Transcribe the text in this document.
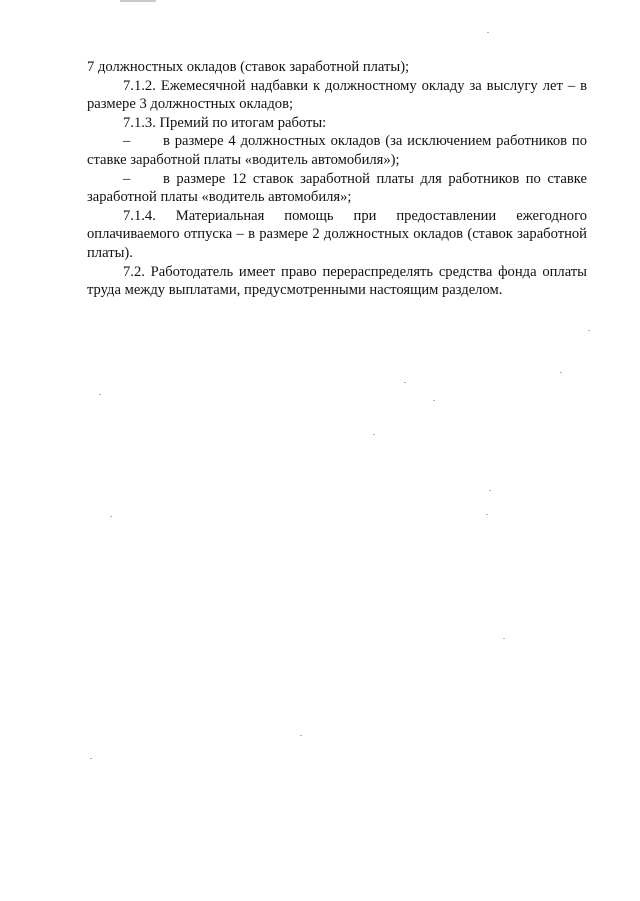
7 должностных окладов (ставок заработной платы);

7.1.2. Ежемесячной надбавки к должностному окладу за выслугу лет – в размере 3 должностных окладов;

7.1.3. Премий по итогам работы:

– в размере 4 должностных окладов (за исключением работников по ставке заработной платы «водитель автомобиля»);

– в размере 12 ставок заработной платы для работников по ставке заработной платы «водитель автомобиля»;

7.1.4. Материальная помощь при предоставлении ежегодного оплачиваемого отпуска – в размере 2 должностных окладов (ставок заработной платы).

7.2. Работодатель имеет право перераспределять средства фонда оплаты труда между выплатами, предусмотренными настоящим разделом.
